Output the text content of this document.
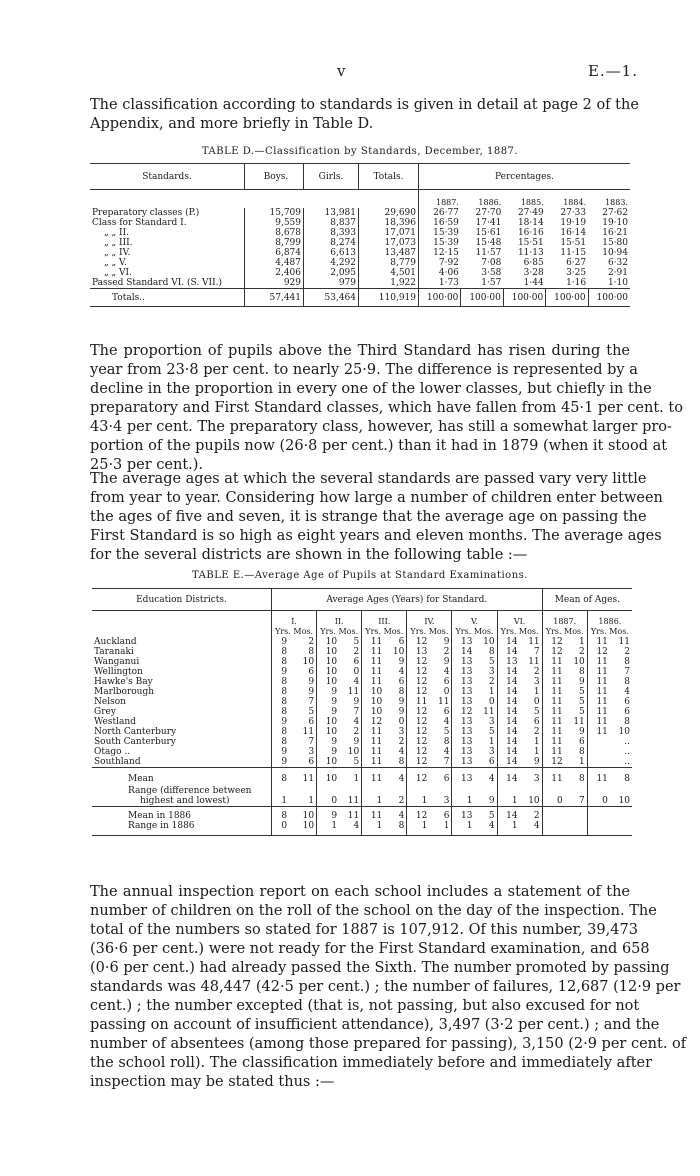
v	E.—1.
The classification according to standards is given in detail at page 2 of the
Appendix, and more briefly in Table D.
TABLE D.—Classification by Standards, December, 1887.
Standards.		Boys.	Girls.	Totals.	Percentages.				
					1887.	1886.	1885.	1884.	1883.
Preparatory classes (P.)		15,709	13,981	29,690	26·77	27·70	27·49	27·33	27·62
Class for Standard I.		9,559	8,837	18,396	16·59	17·41	18·14	19·19	19·10
„ „ II.		8,678	8,393	17,071	15·39	15·61	16·16	16·14	16·21
„ „ III.		8,799	8,274	17,073	15·39	15·48	15·51	15·51	15·80
„ „ IV.		6,874	6,613	13,487	12·15	11·57	11·13	11·15	10·94
„ „ V.		4,487	4,292	8,779	7·92	7·08	6·85	6·27	6·32
„ „ VI.		2,406	2,095	4,501	4·06	3·58	3·28	3·25	2·91
Passed Standard VI. (S. VII.)		929	979	1,922	1·73	1·57	1·44	1·16	1·10
Totals..		57,441	53,464	110,919	100·00	100·00	100·00	100·00	100·00
The proportion of pupils above the Third Standard has risen during the
year from 23·8 per cent. to nearly 25·9. The difference is represented by a
decline in the proportion in every one of the lower classes, but chiefly in the
preparatory and First Standard classes, which have fallen from 45·1 per cent. to
43·4 per cent. The preparatory class, however, has still a somewhat larger pro-
portion of the pupils now (26·8 per cent.) than it had in 1879 (when it stood at
25·3 per cent.).
The average ages at which the several standards are passed vary very little
from year to year. Considering how large a number of children enter between
the ages of five and seven, it is strange that the average age on passing the
First Standard is so high as eight years and eleven months. The average ages
for the several districts are shown in the following table :—
TABLE E.—Average Age of Pupils at Standard Examinations.
Education Districts.	Average Ages (Years) for Standard.												Mean of Ages.			
	I.		II.		III.		IV.		V.		VI.		1887.		1886.	
	Yrs. Mos.		Yrs. Mos.		Yrs. Mos.		Yrs. Mos.		Yrs. Mos.		Yrs. Mos.		Yrs. Mos.		Yrs. Mos.	
Auckland	9	2	10	5	11	6	12	9	13	10	14	11	12	1	11	11
Taranaki	8	8	10	2	11	10	13	2	14	8	14	7	12	2	12	2
Wanganui	8	10	10	6	11	9	12	9	13	5	13	11	11	10	11	8
Wellington	9	6	10	0	11	4	12	4	13	3	14	2	11	8	11	7
Hawke's Bay	8	9	10	4	11	6	12	6	13	2	14	3	11	9	11	8
Marlborough	8	9	9	11	10	8	12	0	13	1	14	1	11	5	11	4
Nelson	8	7	9	9	10	9	11	11	13	0	14	0	11	5	11	6
Grey	8	5	9	7	10	9	12	6	12	11	14	5	11	5	11	6
Westland	9	6	10	4	12	0	12	4	13	3	14	6	11	11	11	8
North Canterbury	8	11	10	2	11	3	12	5	13	5	14	2	11	9	11	10
South Canterbury	8	7	9	9	11	2	12	8	13	1	14	1	11	6		..
Otago ..	9	3	9	10	11	4	12	4	13	3	14	1	11	8		..
Southland	9	6	10	5	11	8	12	7	13	6	14	9	12	1		..
Mean	8	11	10	1	11	4	12	6	13	4	14	3	11	8	11	8

Range (difference between
highest and lowest)	1	1	0	11	1	2	1	3	1	9	1	10	0	7	0	10
Mean in 1886	8	10	9	11	11	4	12	6	13	5	14	2				
Range in 1886	0	10	1	4	1	8	1	1	1	4	1	4				
The annual inspection report on each school includes a statement of the
number of children on the roll of the school on the day of the inspection. The
total of the numbers so stated for 1887 is 107,912. Of this number, 39,473
(36·6 per cent.) were not ready for the First Standard examination, and 658
(0·6 per cent.) had already passed the Sixth. The number promoted by passing
standards was 48,447 (42·5 per cent.) ; the number of failures, 12,687 (12·9 per
cent.) ; the number excepted (that is, not passing, but also excused for not
passing on account of insufficient attendance), 3,497 (3·2 per cent.) ; and the
number of absentees (among those prepared for passing), 3,150 (2·9 per cent. of
the school roll). The classification immediately before and immediately after
inspection may be stated thus :—
